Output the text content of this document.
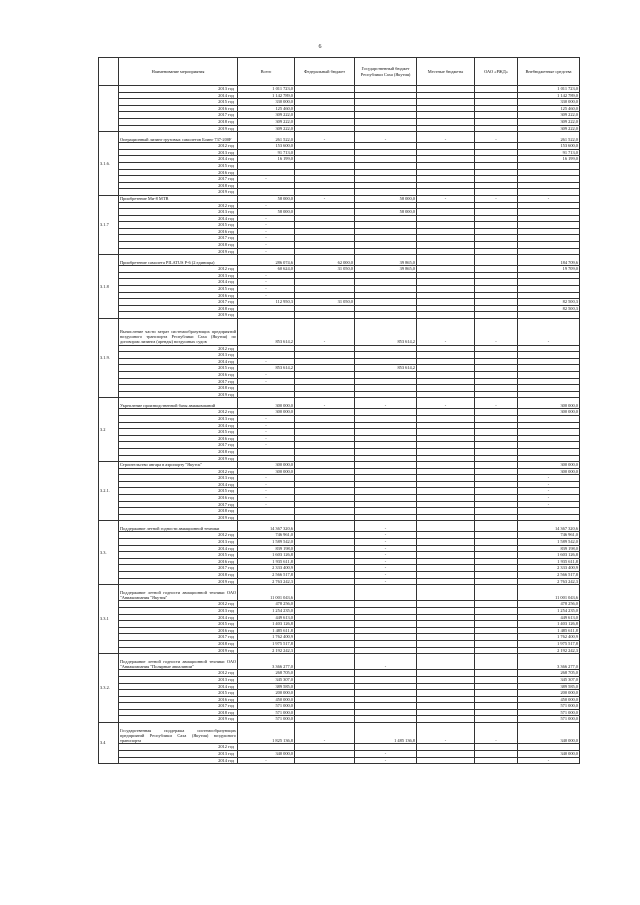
6
	Наименование мероприятия	Всего	Федеральный бюджет	Государственный бюджет Республики Саха (Якутия)	Местные бюджеты	ОАО «РЖД»	Внебюджетные средства
	2013 год	1 011 723,0					1 011 723,0
	2014 год	1 142 789,0					1 142 789,0
	2015 год	330 000,0					330 000,0
	2016 год	125 460,0					125 460,0
	2017 год	309 222,0					309 222,0
	2018 год	309 222,0					309 222,0
	2019 год	309 222,0					309 222,0
3.1.6.	Операционный лизинг грузовых самолетов Боинг 737-200F	261 522,0	-	-	-	-	261 522,0
	2012 год	153 600,0					153 600,0
	2013 год	91 713,0					91 713,0
	2014 год	16 199,0					16 199,0
	2015 год						
	2016 год						
	2017 год	-					
	2018 год						
	2019 год						
3.1.7	Приобретение Ми-8 МТВ	58 000,0	-	58 000,0	-	-	-
	2012 год	-					
	2013 год	58 000,0		58 000,0			
	2014 год	-					
	2015 год	-					
	2016 год	-					
	2017 год	-					
	2018 год	-					
	2019 год	-					
3.1.8	Приобретение самолета PILATUS P-6 (2 единицы)	286 074,6	62 000,0	39 865,0			184 709,6
	2012 год	60 624,0	31 050,0	39 865,0			19 709,0
	2013 год	-					
	2014 год	-					
	2015 год	-					
	2016 год	-					
	2017 год	112 950,3	31 050,0				82 500,3
	2018 год						82 500,3
	2019 год						
3.1.9.	Вычисление части затрат системообразующих предприятий воздушного транспорта Республики Саха (Якутия) по договорам лизинга (аренды) воздушных судов	853 614,2	-	853 614,2	-	-	-
	2012 год						
	2013 год						
	2014 год	-					
	2015 год	853 614,2		853 614,2			
	2016 год	-					
	2017 год	-					
	2018 год						
	2019 год						
3.2	Укрепление производственной базы авиакомпаний	300 000,0	-	-	-	-	300 000,0
	2012 год	300 000,0					300 000,0
	2013 год	-					
	2014 год	-					
	2015 год	-					
	2016 год	-					
	2017 год	-					
	2018 год						
	2019 год						
3.2.1.	Строительство ангара в аэропорту "Якутск"	300 000,0					300 000,0
	2012 год	300 000,0					300 000,0
	2013 год	-					-
	2014 год	-					-
	2015 год	-					-
	2016 год	-					-
	2017 год	-					-
	2018 год						
	2019 год						
3.3.	Поддержание летной годности авиационной техники	14 367 320,6		-			14 367 320,6
	2012 год	746 961,0		-			746 961,0
	2013 год	1 589 542,0		-			1 589 542,0
	2014 год	839 198,0		-			839 198,0
	2015 год	1 603 126,8		-			1 603 126,8
	2016 год	1 935 611,8		-			1 935 611,8
	2017 год	2 333 400,9		-			2 333 400,9
	2018 год	2 566 517,8		-			2 566 517,8
	2019 год	2 763 242,3		-			2 763 242,3
3.3.1	Поддержание летной годности авиационной техники ОАО "Авиакомпания "Якутия"	11 001 043,6					11 001 043,6
	2012 год	478 256,0					478 256,0
	2013 год	1 254 235,0					1 254 235,0
	2014 год	449 613,0					449 613,0
	2015 год	1 403 126,8					1 403 126,8
	2016 год	1 485 611,8					1 485 611,8
	2017 год	1 762 400,9					1 762 400,9
	2018 год	1 975 517,8					1 975 517,8
	2019 год	2 192 242,3					2 192 242,3
3.3.2.	Поддержание летной годности авиационной техники ОАО "Авиакомпания "Полярные авиалинии"	3 366 277,0		-			3 366 277,0
	2012 год	268 705,0					268 705,0
	2013 год	345 307,0					345 307,0
	2014 год	389 585,0					389 585,0
	2015 год	200 000,0					200 000,0
	2016 год	450 000,0					450 000,0
	2017 год	571 000,0					571 000,0
	2018 год	571 000,0					571 000,0
	2019 год	571 000,0					571 000,0
3.4	Государственная поддержка системообразующих предприятий Республики Саха (Якутия) воздушного транспорта	1 825 136,8	-	1 485 136,8	-	-	340 000,0
	2012 год						
	2013 год	340 000,0		-			340 000,0
	2014 год	-		-			-
